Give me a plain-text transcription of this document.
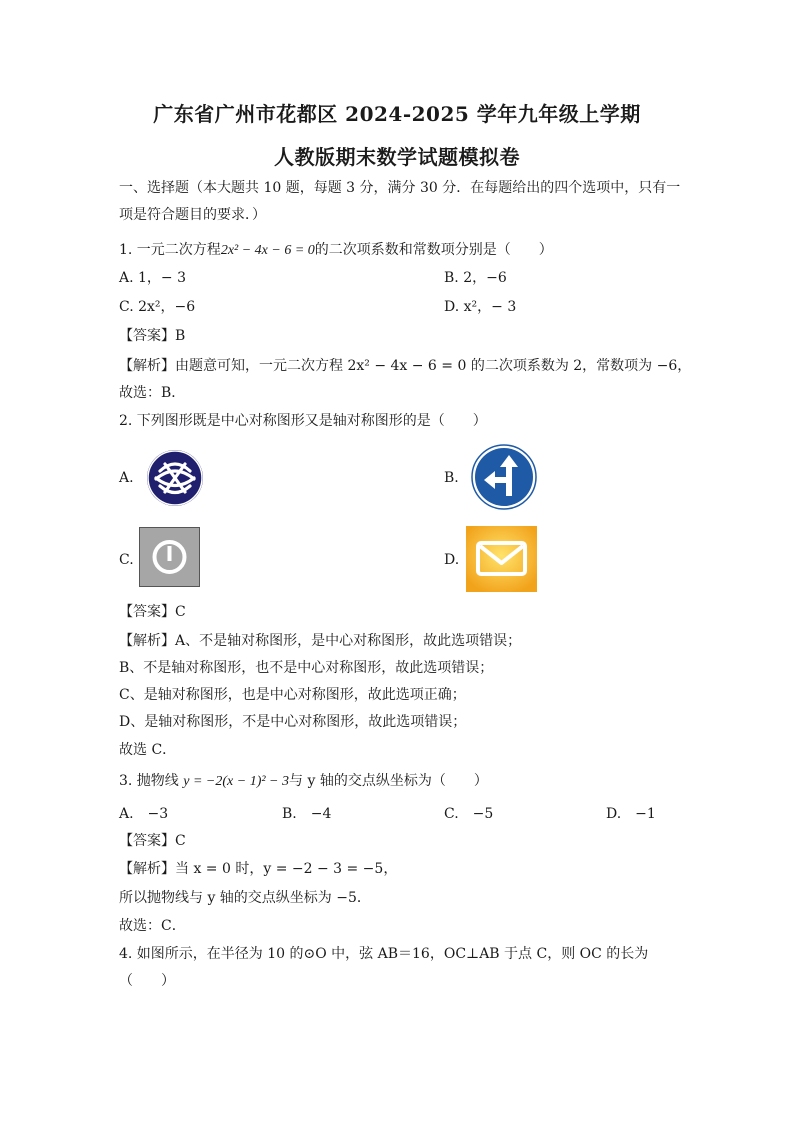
广东省广州市花都区 2024-2025 学年九年级上学期
人教版期末数学试题模拟卷
一、选择题（本大题共 10 题，每题 3 分，满分 30 分．在每题给出的四个选项中，只有一
项是符合题目的要求．）
1. 一元二次方程2x² − 4x − 6 = 0的二次项系数和常数项分别是（　　）
A. 1，− 3	B. 2，−6
C. 2x²，−6	D. x²，− 3
【答案】B
【解析】由题意可知，一元二次方程 2x² − 4x − 6 = 0 的二次项系数为 2，常数项为 −6，
故选：B．
2. 下列图形既是中心对称图形又是轴对称图形的是（　　）
A.	B.
C.	D.
【答案】C
【解析】A、不是轴对称图形，是中心对称图形，故此选项错误；
B、不是轴对称图形，也不是中心对称图形，故此选项错误；
C、是轴对称图形，也是中心对称图形，故此选项正确；
D、是轴对称图形，不是中心对称图形，故此选项错误；
故选 C．
3. 抛物线 y = −2(x − 1)² − 3与 y 轴的交点纵坐标为（　　）
A.　−3	B.　−4	C.　−5	D.　−1
【答案】C
【解析】当 x = 0 时，y = −2 − 3 = −5，
所以抛物线与 y 轴的交点纵坐标为 −5．
故选：C．
4. 如图所示，在半径为 10 的⊙O 中，弦 AB＝16，OC⊥AB 于点 C，则 OC 的长为
（　　）
